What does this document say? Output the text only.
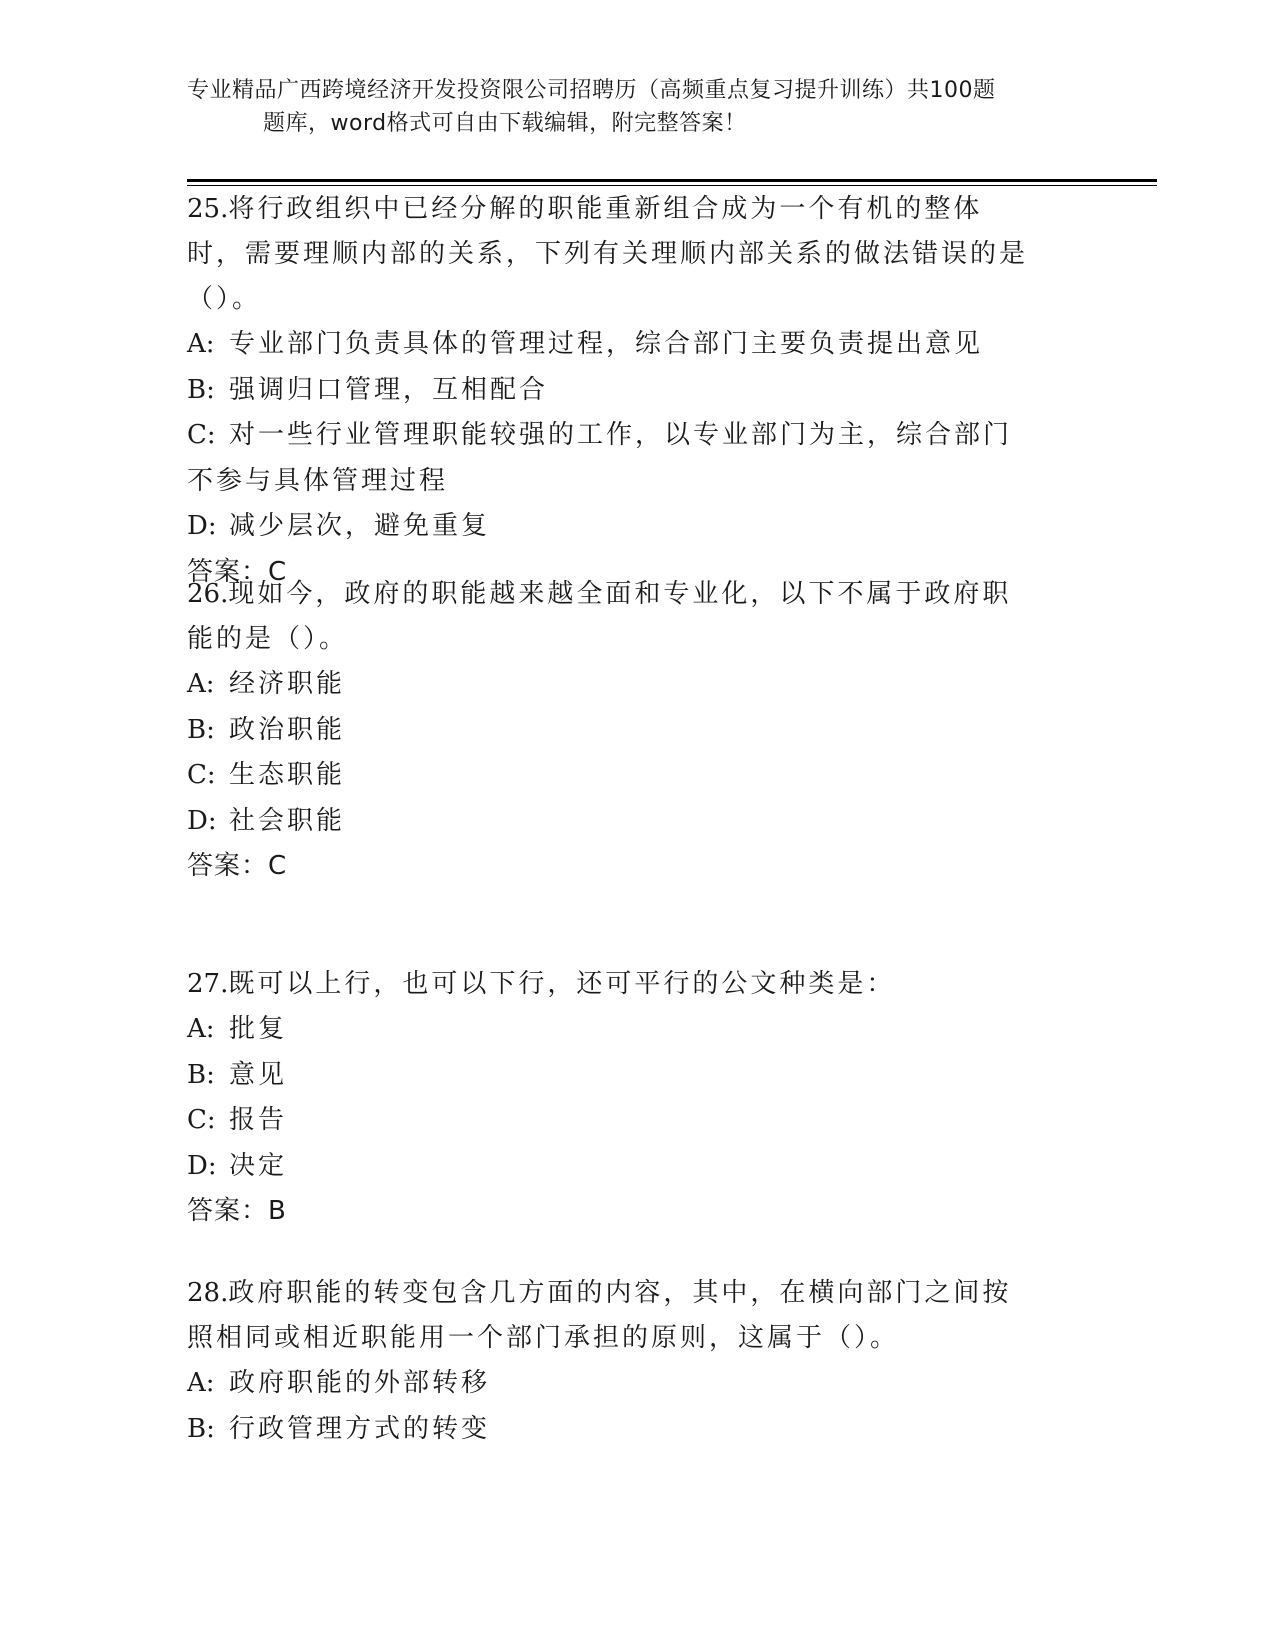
专业精品广西跨境经济开发投资限公司招聘历（高频重点复习提升训练）共100题
题库，word格式可自由下载编辑，附完整答案！
25.将行政组织中已经分解的职能重新组合成为一个有机的整体时，需要理顺内部的关系，下列有关理顺内部关系的做法错误的是（）。
A: 专业部门负责具体的管理过程，综合部门主要负责提出意见
B: 强调归口管理，互相配合
C: 对一些行业管理职能较强的工作，以专业部门为主，综合部门不参与具体管理过程
D: 减少层次，避免重复
答案：C
26.现如今，政府的职能越来越全面和专业化，以下不属于政府职能的是（）。
A: 经济职能
B: 政治职能
C: 生态职能
D: 社会职能
答案：C
27.既可以上行，也可以下行，还可平行的公文种类是：
A: 批复
B: 意见
C: 报告
D: 决定
答案：B
28.政府职能的转变包含几方面的内容，其中，在横向部门之间按照相同或相近职能用一个部门承担的原则，这属于（）。
A: 政府职能的外部转移
B: 行政管理方式的转变
